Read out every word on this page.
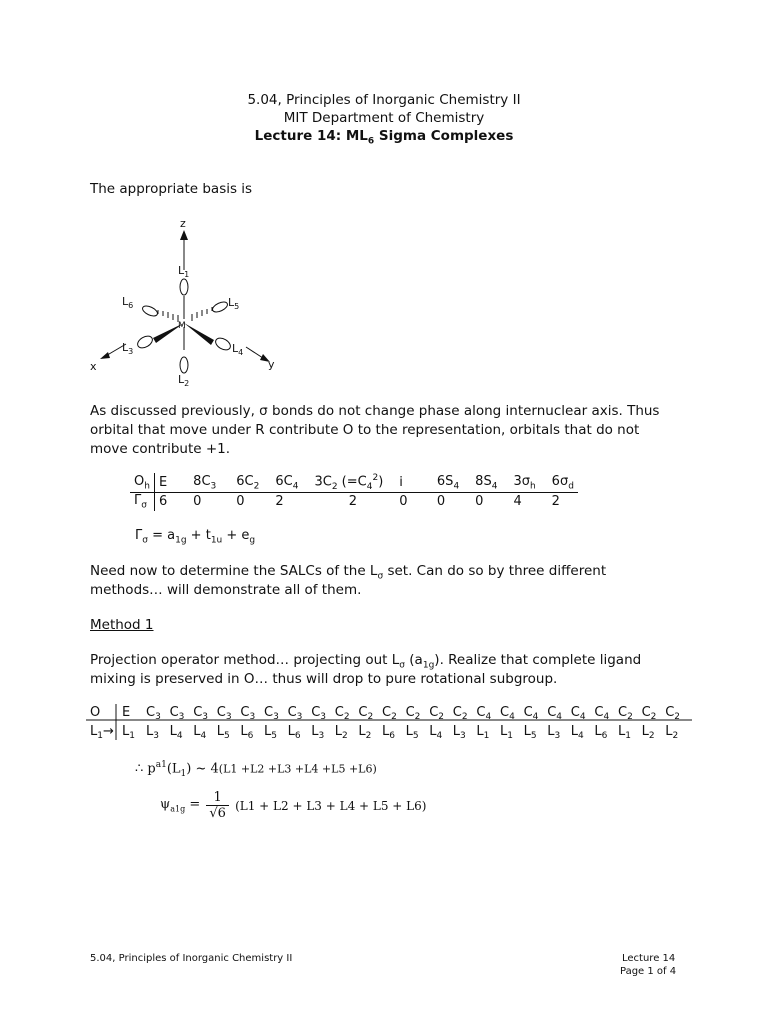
5.04, Principles of Inorganic Chemistry II
MIT Department of Chemistry
Lecture 14: $ML_6$ Sigma Complexes

The appropriate basis is

z
x	y
M
$L_1$
$L_2$
$L_3$	$L_4$
$L_5$
$L_6$

As discussed previously, σ bonds do not change phase along internuclear axis. Thus

orbital that move under R contribute O to the representation, orbitals that do not

move contribute +1.

$O_h$	E	$8C_3$	$6C_2$	$6C_4$	$3C_2$ $(=C_4^2)$	i	$6S_4$	$8S_4$	$3\sigma_h$	$6\sigma_d$
$\Gamma_\sigma$	6	0	0	2	2	0	0	0	4	2
$\Gamma_\sigma = a_{1g} + t_{1u} + e_g$

Need now to determine the SALCs of the $L_\sigma$ set. Can do so by three different

methods… will demonstrate all of them.

Method 1

Projection operator method… projecting out $L_\sigma$ $(a_{1g})$. Realize that complete ligand

mixing is preserved in O… thus will drop to pure rotational subgroup.

O E $C_3$ $C_3$ $C_3$ $C_3$ $C_3$ $C_3$ $C_3$ $C_3$ $C_2$ $C_2$ $C_2$ $C_2$ $C_2$ $C_2$ $C_4$ $C_4$ $C_4$ $C_4$ $C_4$ $C_4$ $C_2$ $C_2$ $C_2$
$L_1\to L_1$ $L_3$ $L_4$ $L_4$ $L_5$ $L_6$ $L_5$ $L_6$ $L_3$ $L_2$ $L_2$ $L_6$ $L_5$ $L_4$ $L_3$ $L_1$ $L_1$ $L_5$ $L_3$ $L_4$ $L_6$ $L_1$ $L_2$ $L_2$
∴ $p^{a1}(L_1)$ ~ 4(L1 +L2 +L3 +L4 +L5 +L6)
$\psi_{a1g} = \frac{1}{√6} (L1 + L2 + L3 + L4 + L5 + L6)$
5.04, Principles of Inorganic Chemistry II	Lecture 14
Page 1 of 4
